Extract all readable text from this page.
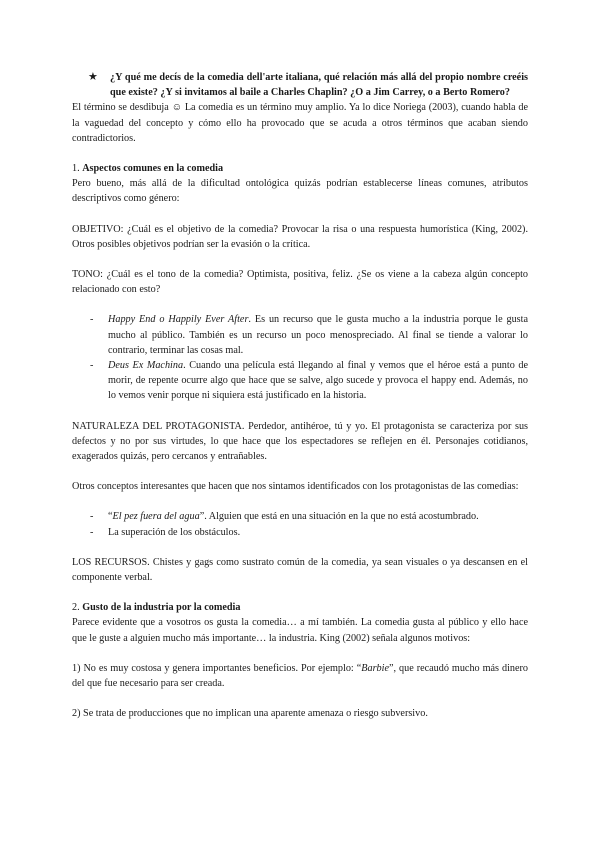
★ ¿Y qué me decís de la comedia dell'arte italiana, qué relación más allá del propio nombre creéis que existe? ¿Y si invitamos al baile a Charles Chaplin? ¿O a Jim Carrey, o a Berto Romero?

El término se desdibuja ☺ La comedia es un término muy amplio. Ya lo dice Noriega (2003), cuando habla de la vaguedad del concepto y cómo ello ha provocado que se acuda a otros términos que acaban siendo contradictorios.

1. Aspectos comunes en la comedia

Pero bueno, más allá de la dificultad ontológica quizás podrían establecerse líneas comunes, atributos descriptivos como género:

OBJETIVO: ¿Cuál es el objetivo de la comedia? Provocar la risa o una respuesta humorística (King, 2002). Otros posibles objetivos podrían ser la evasión o la crítica.

TONO: ¿Cuál es el tono de la comedia? Optimista, positiva, feliz. ¿Se os viene a la cabeza algún concepto relacionado con esto?

- Happy End o Happily Ever After. Es un recurso que le gusta mucho a la industria porque le gusta mucho al público. También es un recurso un poco menospreciado. Al final se tiende a valorar lo contrario, terminar las cosas mal.
- Deus Ex Machina. Cuando una película está llegando al final y vemos que el héroe está a punto de morir, de repente ocurre algo que hace que se salve, algo sucede y provoca el happy end. Además, no lo vemos venir porque ni siquiera está justificado en la historia.

NATURALEZA DEL PROTAGONISTA. Perdedor, antihéroe, tú y yo. El protagonista se caracteriza por sus defectos y no por sus virtudes, lo que hace que los espectadores se reflejen en él. Personajes cotidianos, exagerados quizás, pero cercanos y entrañables.

Otros conceptos interesantes que hacen que nos sintamos identificados con los protagonistas de las comedias:

- “El pez fuera del agua”. Alguien que está en una situación en la que no está acostumbrado.
- La superación de los obstáculos.

LOS RECURSOS. Chistes y gags como sustrato común de la comedia, ya sean visuales o ya descansen en el componente verbal.

2. Gusto de la industria por la comedia

Parece evidente que a vosotros os gusta la comedia… a mí también. La comedia gusta al público y ello hace que le guste a alguien mucho más importante… la industria. King (2002) señala algunos motivos:

1) No es muy costosa y genera importantes beneficios. Por ejemplo: “Barbie”, que recaudó mucho más dinero del que fue necesario para ser creada.

2) Se trata de producciones que no implican una aparente amenaza o riesgo subversivo.
